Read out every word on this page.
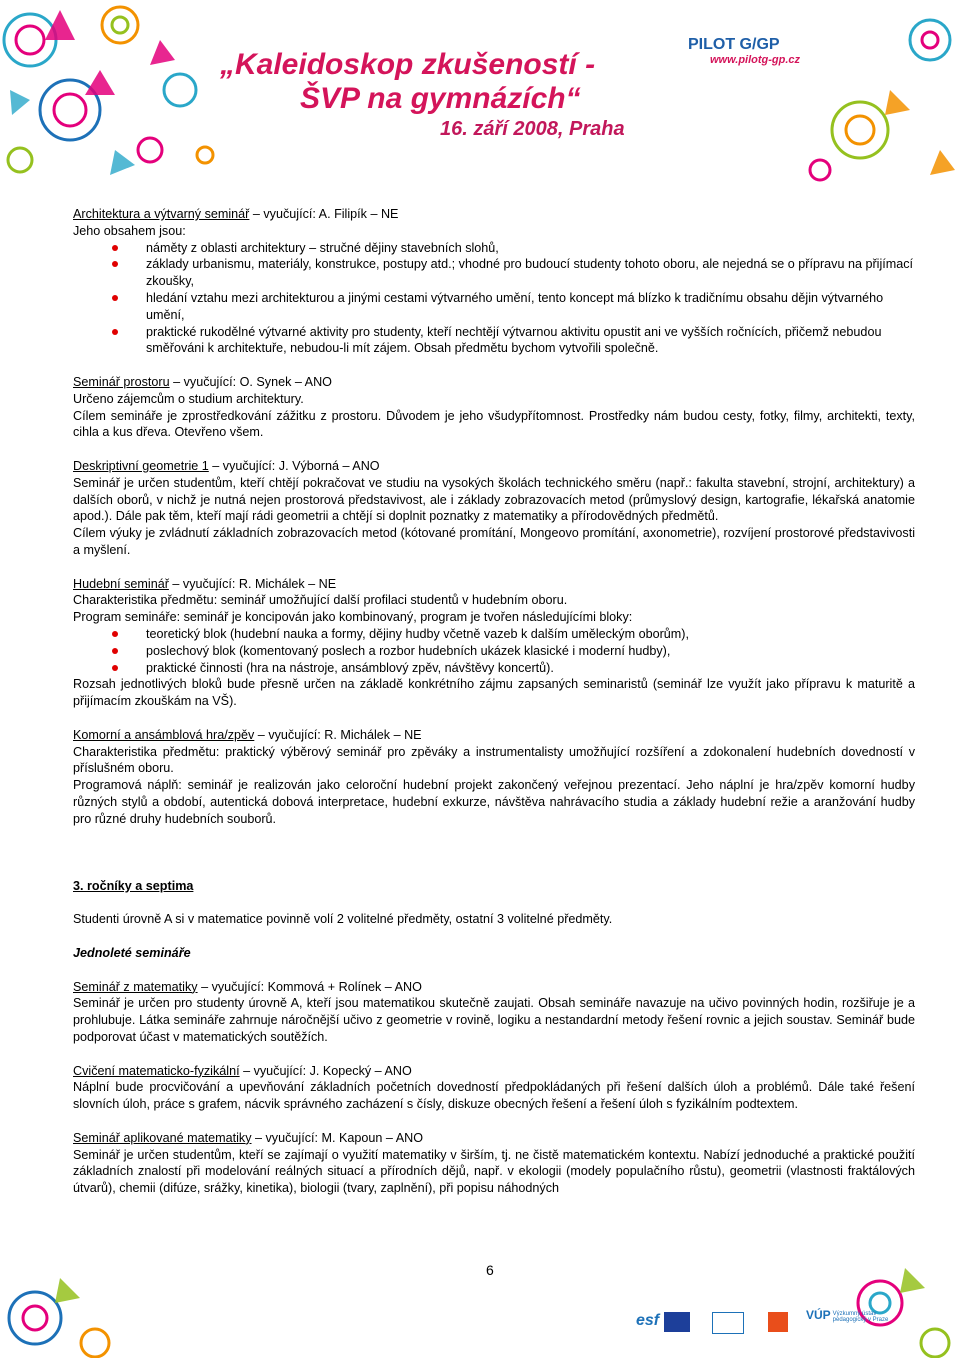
„Kaleidoskop zkušeností -
ŠVP na gymnázích“
16. září 2008, Praha
PILOT G/GP
www.pilotg-gp.cz

Architektura a výtvarný seminář – vyučující: A. Filipík – NE

Jeho obsahem jsou:

náměty z oblasti architektury – stručné dějiny stavebních slohů,
základy urbanismu, materiály, konstrukce, postupy atd.; vhodné pro budoucí studenty tohoto oboru, ale nejedná se o přípravu na přijímací zkoušky,
hledání vztahu mezi architekturou a jinými cestami výtvarného umění, tento koncept má blízko k tradičnímu obsahu dějin výtvarného umění,
praktické rukodělné výtvarné aktivity pro studenty, kteří nechtějí výtvarnou aktivitu opustit ani ve vyšších ročnících, přičemž nebudou směřováni k architektuře, nebudou-li mít zájem. Obsah předmětu bychom vytvořili společně.

Seminář prostoru – vyučující: O. Synek – ANO

Určeno zájemcům o studium architektury.

Cílem semináře je zprostředkování zážitku z prostoru. Důvodem je jeho všudypřítomnost. Prostředky nám budou cesty, fotky, filmy, architekti, texty, cihla a kus dřeva. Otevřeno všem.

Deskriptivní geometrie 1 – vyučující: J. Výborná – ANO

Seminář je určen studentům, kteří chtějí pokračovat ve studiu na vysokých školách technického směru (např.: fakulta stavební, strojní, architektury) a dalších oborů, v nichž je nutná nejen prostorová představivost, ale i základy zobrazovacích metod (průmyslový design, kartografie, lékařská anatomie apod.). Dále pak těm, kteří mají rádi geometrii a chtějí si doplnit poznatky z matematiky a přírodovědných předmětů.

Cílem výuky je zvládnutí základních zobrazovacích metod (kótované promítání, Mongeovo promítání, axonometrie), rozvíjení prostorové představivosti a myšlení.

Hudební seminář – vyučující: R. Michálek – NE

Charakteristika předmětu: seminář umožňující další profilaci studentů v hudebním oboru.

Program semináře: seminář je koncipován jako kombinovaný, program je tvořen následujícími bloky:

teoretický blok (hudební nauka a formy, dějiny hudby včetně vazeb k dalším uměleckým oborům),
poslechový blok (komentovaný poslech a rozbor hudebních ukázek klasické i moderní hudby),
praktické činnosti (hra na nástroje, ansámblový zpěv, návštěvy koncertů).

Rozsah jednotlivých bloků bude přesně určen na základě konkrétního zájmu zapsaných seminaristů (seminář lze využít jako přípravu k maturitě a přijímacím zkouškám na VŠ).

Komorní a ansámblová hra/zpěv – vyučující: R. Michálek – NE

Charakteristika předmětu: praktický výběrový seminář pro zpěváky a instrumentalisty umožňující rozšíření a zdokonalení hudebních dovedností v příslušném oboru.

Programová náplň: seminář je realizován jako celoroční hudební projekt zakončený veřejnou prezentací. Jeho náplní je hra/zpěv komorní hudby různých stylů a období, autentická dobová interpretace, hudební exkurze, návštěva nahrávacího studia a základy hudební režie a aranžování hudby pro různé druhy hudebních souborů.

3. ročníky a septima

Studenti úrovně A si v matematice povinně volí 2 volitelné předměty, ostatní 3 volitelné předměty.

Jednoleté semináře

Seminář z matematiky – vyučující: Kommová + Rolínek – ANO

Seminář je určen pro studenty úrovně A, kteří jsou matematikou skutečně zaujati. Obsah semináře navazuje na učivo povinných hodin, rozšiřuje je a prohlubuje. Látka semináře zahrnuje náročnější učivo z geometrie v rovině, logiku a nestandardní metody řešení rovnic a jejich soustav. Seminář bude podporovat účast v matematických soutěžích.

Cvičení matematicko-fyzikální – vyučující: J. Kopecký – ANO

Náplní bude procvičování a upevňování základních početních dovedností předpokládaných při řešení dalších úloh a problémů. Dále také řešení slovních úloh, práce s grafem, nácvik správného zacházení s čísly, diskuze obecných řešení a řešení úloh s fyzikálním podtextem.

Seminář aplikované matematiky – vyučující: M. Kapoun – ANO

Seminář je určen studentům, kteří se zajímají o využití matematiky v širším, tj. ne čistě matematickém kontextu. Nabízí jednoduché a praktické použití základních znalostí při modelování reálných situací a přírodních dějů, např. v ekologii (modely populačního růstu), geometrii (vlastnosti fraktálových útvarů), chemii (difúze, srážky, kinetika), biologii (tvary, zaplnění), při popisu náhodných

6
esf	VÚP Výzkumný ústav pedagogický v Praze
